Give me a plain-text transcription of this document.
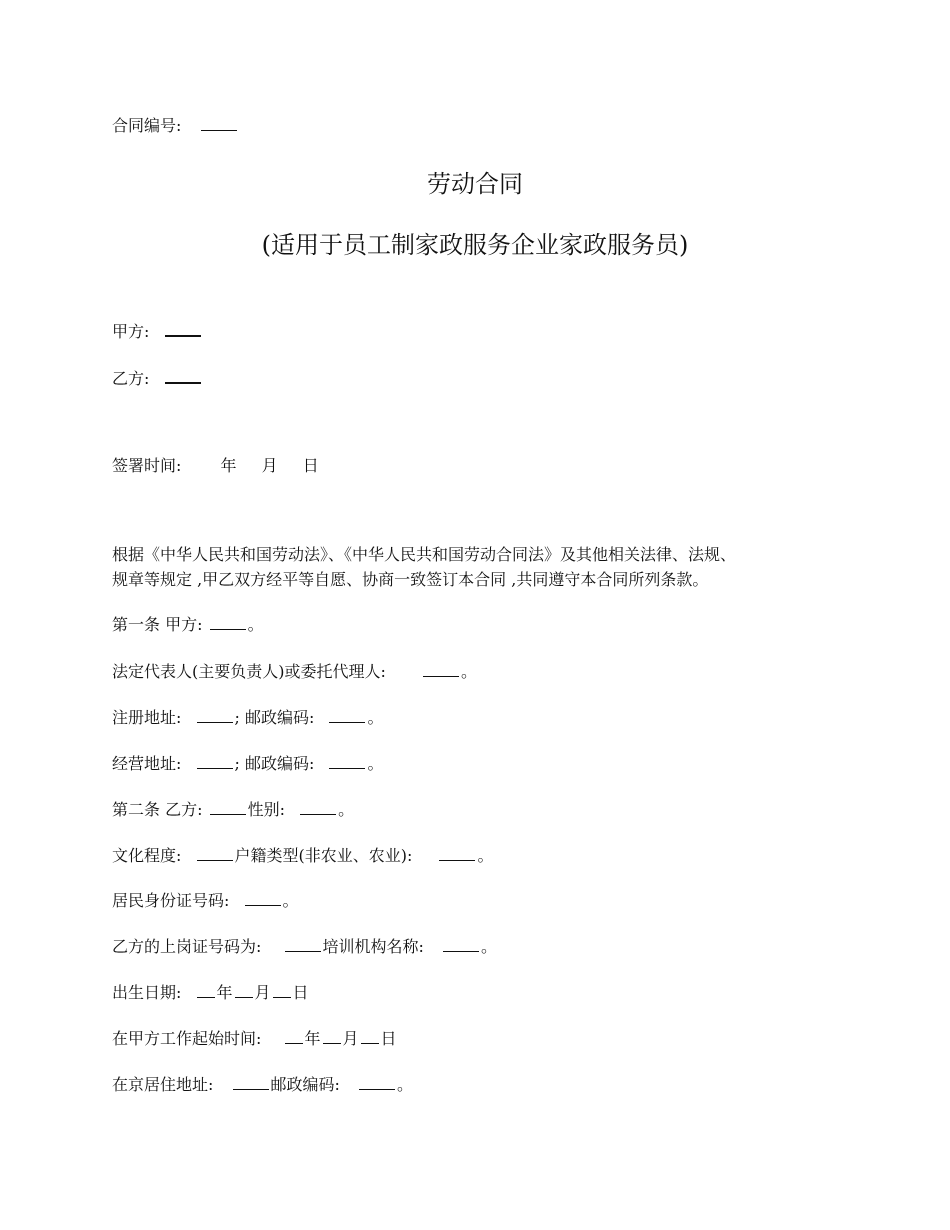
合同编号:
劳动合同
(适用于员工制家政服务企业家政服务员)
甲方:
乙方:
签署时间: 年 月 日
根据《中华人民共和国劳动法》、《中华人民共和国劳动合同法》及其他相关法律、法规、
规章等规定 ,甲乙双方经平等自愿、协商一致签订本合同 ,共同遵守本合同所列条款。
第一条 甲方:	。
法定代表人(主要负责人)或委托代理人:	。
注册地址:	; 邮政编码:	。
经营地址:	; 邮政编码:	。
第二条 乙方:	性别:	。
文化程度:	户籍类型(非农业、农业):	。
居民身份证号码:	。
乙方的上岗证号码为:	培训机构名称:	。
出生日期: 年 月 日
在甲方工作起始时间:	年 月 日
在京居住地址:	邮政编码:	。
